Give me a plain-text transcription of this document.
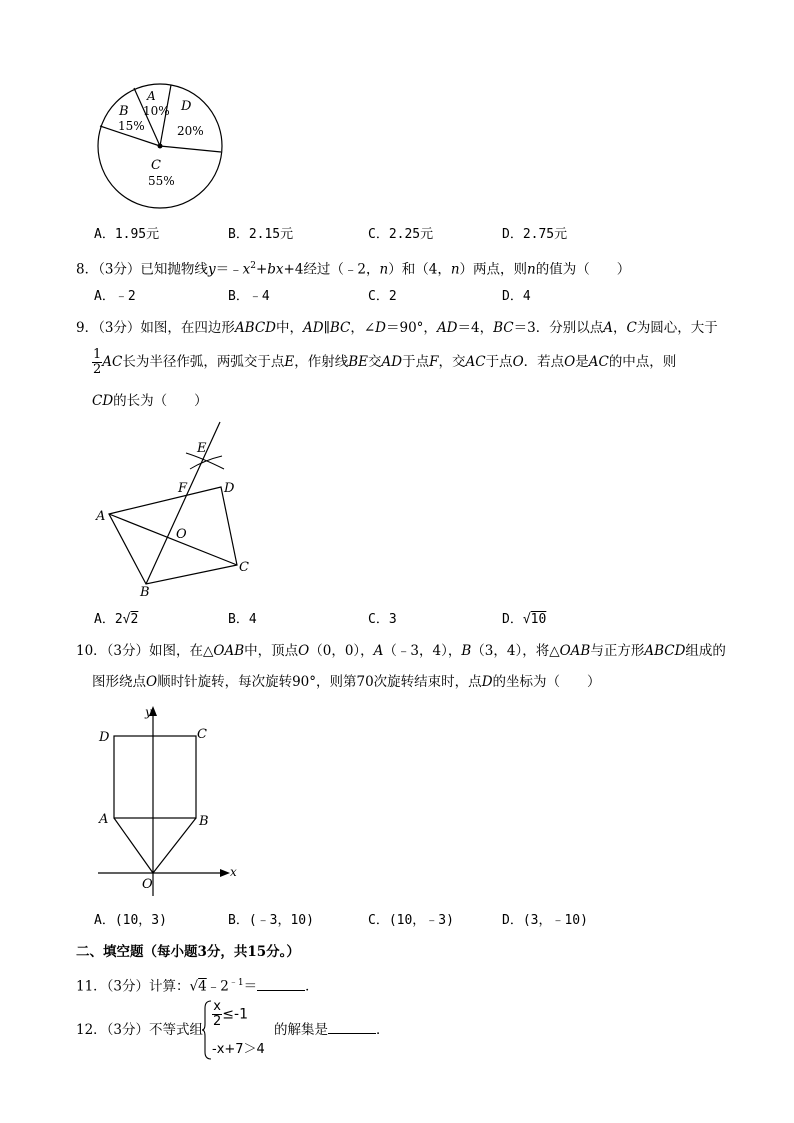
A
10%
B
15%
D
20%
C
55%
A．1.95元	B．2.15元	C．2.25元	D．2.75元
8．（3分）已知抛物线$y=﹣x^2+bx+4$经过（﹣2，n）和（4，n）两点，则n的值为（　　）
A．﹣2	B．﹣4	C．2	D．4
9．（3分）如图，在四边形ABCD中，AD∥BC，∠D＝90°，AD＝4，BC＝3．分别以点A，C为圆心，大于
$\frac{1}{2}$ AC长为半径作弧，两弧交于点E，作射线BE交AD于点F，交AC于点O．若点O是AC的中点，则
CD的长为（　　）
E
F	D
A
O
C
B
A．2√2	B．4	C．3	D．√10
10．（3分）如图，在△OAB中，顶点O（0，0），A（﹣3，4），B（3，4），将△OAB与正方形ABCD组成的
图形绕点O顺时针旋转，每次旋转90°，则第70次旋转结束时，点D的坐标为（　　）
y
x
D	C
A	B
O
A．(10，3)	B．(﹣3，10)	C．(10，﹣3)	D．(3，﹣10)
二、填空题（每小题3分，共15分。）
11．（3分）计算：$√4﹣2^{﹣1}=$	．
12．（3分）不等式组
$\frac{x}{2} \le-1$
-x+7＞4
的解集是	．
